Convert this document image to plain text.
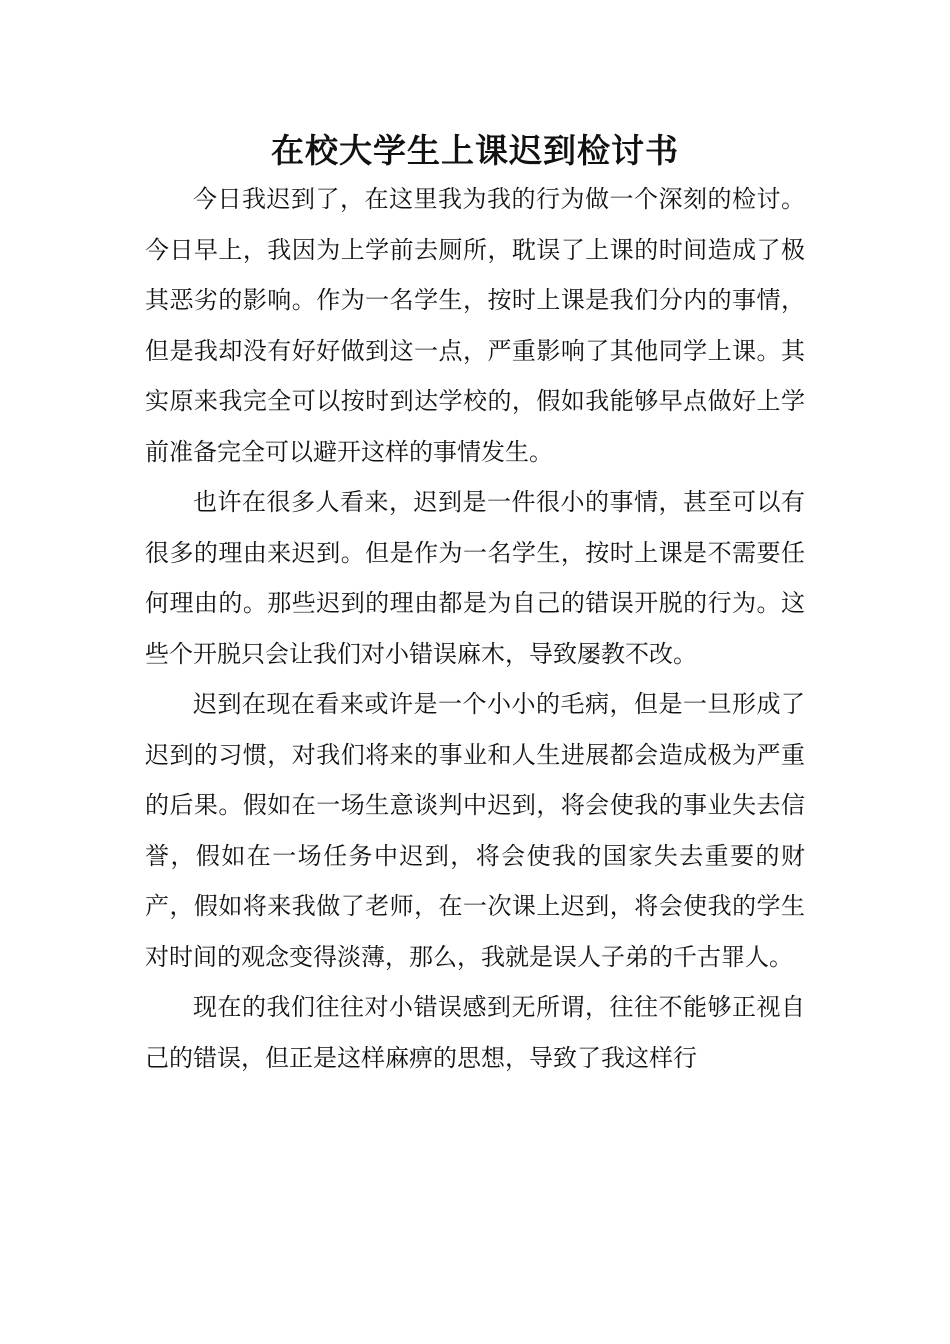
在校大学生上课迟到检讨书

今日我迟到了，在这里我为我的行为做一个深刻的检讨。今日早上，我因为上学前去厕所，耽误了上课的时间造成了极其恶劣的影响。作为一名学生，按时上课是我们分内的事情，但是我却没有好好做到这一点，严重影响了其他同学上课。其实原来我完全可以按时到达学校的，假如我能够早点做好上学前准备完全可以避开这样的事情发生。

也许在很多人看来，迟到是一件很小的事情，甚至可以有很多的理由来迟到。但是作为一名学生，按时上课是不需要任何理由的。那些迟到的理由都是为自己的错误开脱的行为。这些个开脱只会让我们对小错误麻木，导致屡教不改。

迟到在现在看来或许是一个小小的毛病，但是一旦形成了迟到的习惯，对我们将来的事业和人生进展都会造成极为严重的后果。假如在一场生意谈判中迟到，将会使我的事业失去信誉，假如在一场任务中迟到，将会使我的国家失去重要的财产，假如将来我做了老师，在一次课上迟到，将会使我的学生对时间的观念变得淡薄，那么，我就是误人子弟的千古罪人。

现在的我们往往对小错误感到无所谓，往往不能够正视自己的错误，但正是这样麻痹的思想，导致了我这样行
